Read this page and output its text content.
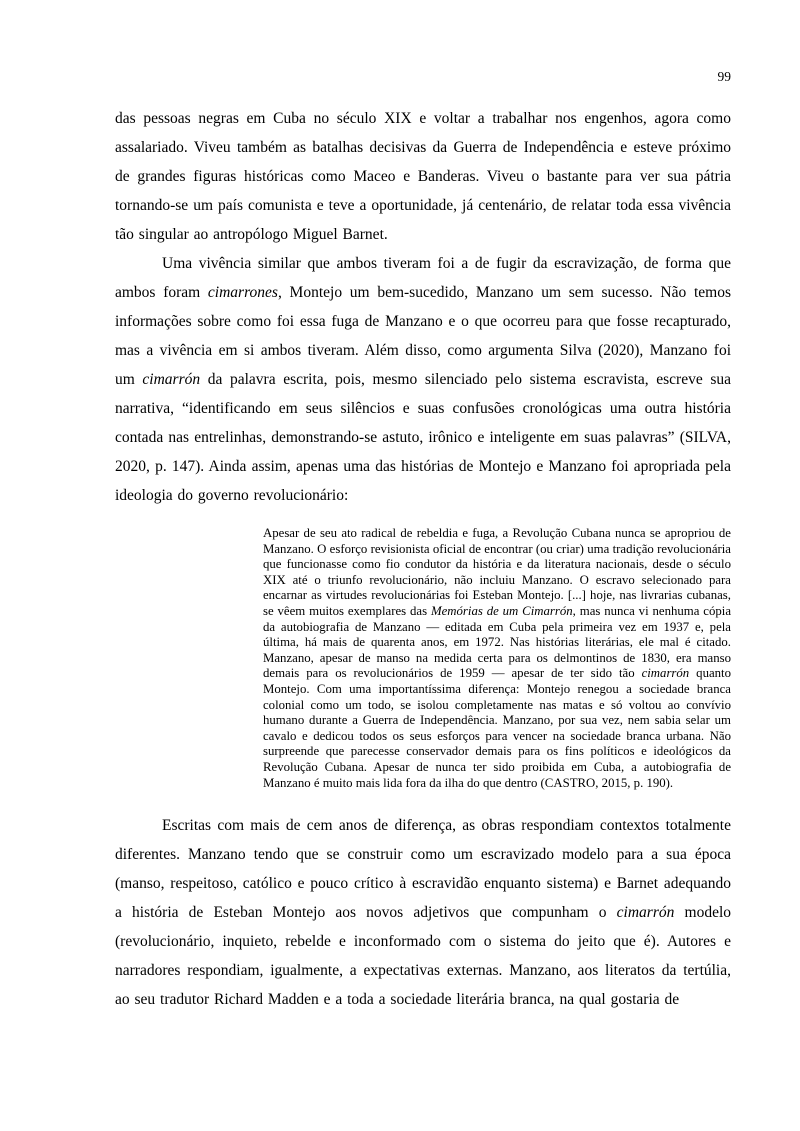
99

das pessoas negras em Cuba no século XIX e voltar a trabalhar nos engenhos, agora como assalariado. Viveu também as batalhas decisivas da Guerra de Independência e esteve próximo de grandes figuras históricas como Maceo e Banderas. Viveu o bastante para ver sua pátria tornando-se um país comunista e teve a oportunidade, já centenário, de relatar toda essa vivência tão singular ao antropólogo Miguel Barnet.

Uma vivência similar que ambos tiveram foi a de fugir da escravização, de forma que ambos foram cimarrones, Montejo um bem-sucedido, Manzano um sem sucesso. Não temos informações sobre como foi essa fuga de Manzano e o que ocorreu para que fosse recapturado, mas a vivência em si ambos tiveram. Além disso, como argumenta Silva (2020), Manzano foi um cimarrón da palavra escrita, pois, mesmo silenciado pelo sistema escravista, escreve sua narrativa, “identificando em seus silêncios e suas confusões cronológicas uma outra história contada nas entrelinhas, demonstrando-se astuto, irônico e inteligente em suas palavras” (SILVA, 2020, p. 147). Ainda assim, apenas uma das histórias de Montejo e Manzano foi apropriada pela ideologia do governo revolucionário:

Apesar de seu ato radical de rebeldia e fuga, a Revolução Cubana nunca se apropriou de Manzano. O esforço revisionista oficial de encontrar (ou criar) uma tradição revolucionária que funcionasse como fio condutor da história e da literatura nacionais, desde o século XIX até o triunfo revolucionário, não incluiu Manzano. O escravo selecionado para encarnar as virtudes revolucionárias foi Esteban Montejo. [...] hoje, nas livrarias cubanas, se vêem muitos exemplares das Memórias de um Cimarrón, mas nunca vi nenhuma cópia da autobiografia de Manzano — editada em Cuba pela primeira vez em 1937 e, pela última, há mais de quarenta anos, em 1972. Nas histórias literárias, ele mal é citado. Manzano, apesar de manso na medida certa para os delmontinos de 1830, era manso demais para os revolucionários de 1959 — apesar de ter sido tão cimarrón quanto Montejo. Com uma importantíssima diferença: Montejo renegou a sociedade branca colonial como um todo, se isolou completamente nas matas e só voltou ao convívio humano durante a Guerra de Independência. Manzano, por sua vez, nem sabia selar um cavalo e dedicou todos os seus esforços para vencer na sociedade branca urbana. Não surpreende que parecesse conservador demais para os fins políticos e ideológicos da Revolução Cubana. Apesar de nunca ter sido proibida em Cuba, a autobiografia de Manzano é muito mais lida fora da ilha do que dentro (CASTRO, 2015, p. 190).

Escritas com mais de cem anos de diferença, as obras respondiam contextos totalmente diferentes. Manzano tendo que se construir como um escravizado modelo para a sua época (manso, respeitoso, católico e pouco crítico à escravidão enquanto sistema) e Barnet adequando a história de Esteban Montejo aos novos adjetivos que compunham o cimarrón modelo (revolucionário, inquieto, rebelde e inconformado com o sistema do jeito que é). Autores e narradores respondiam, igualmente, a expectativas externas. Manzano, aos literatos da tertúlia, ao seu tradutor Richard Madden e a toda a sociedade literária branca, na qual gostaria de
